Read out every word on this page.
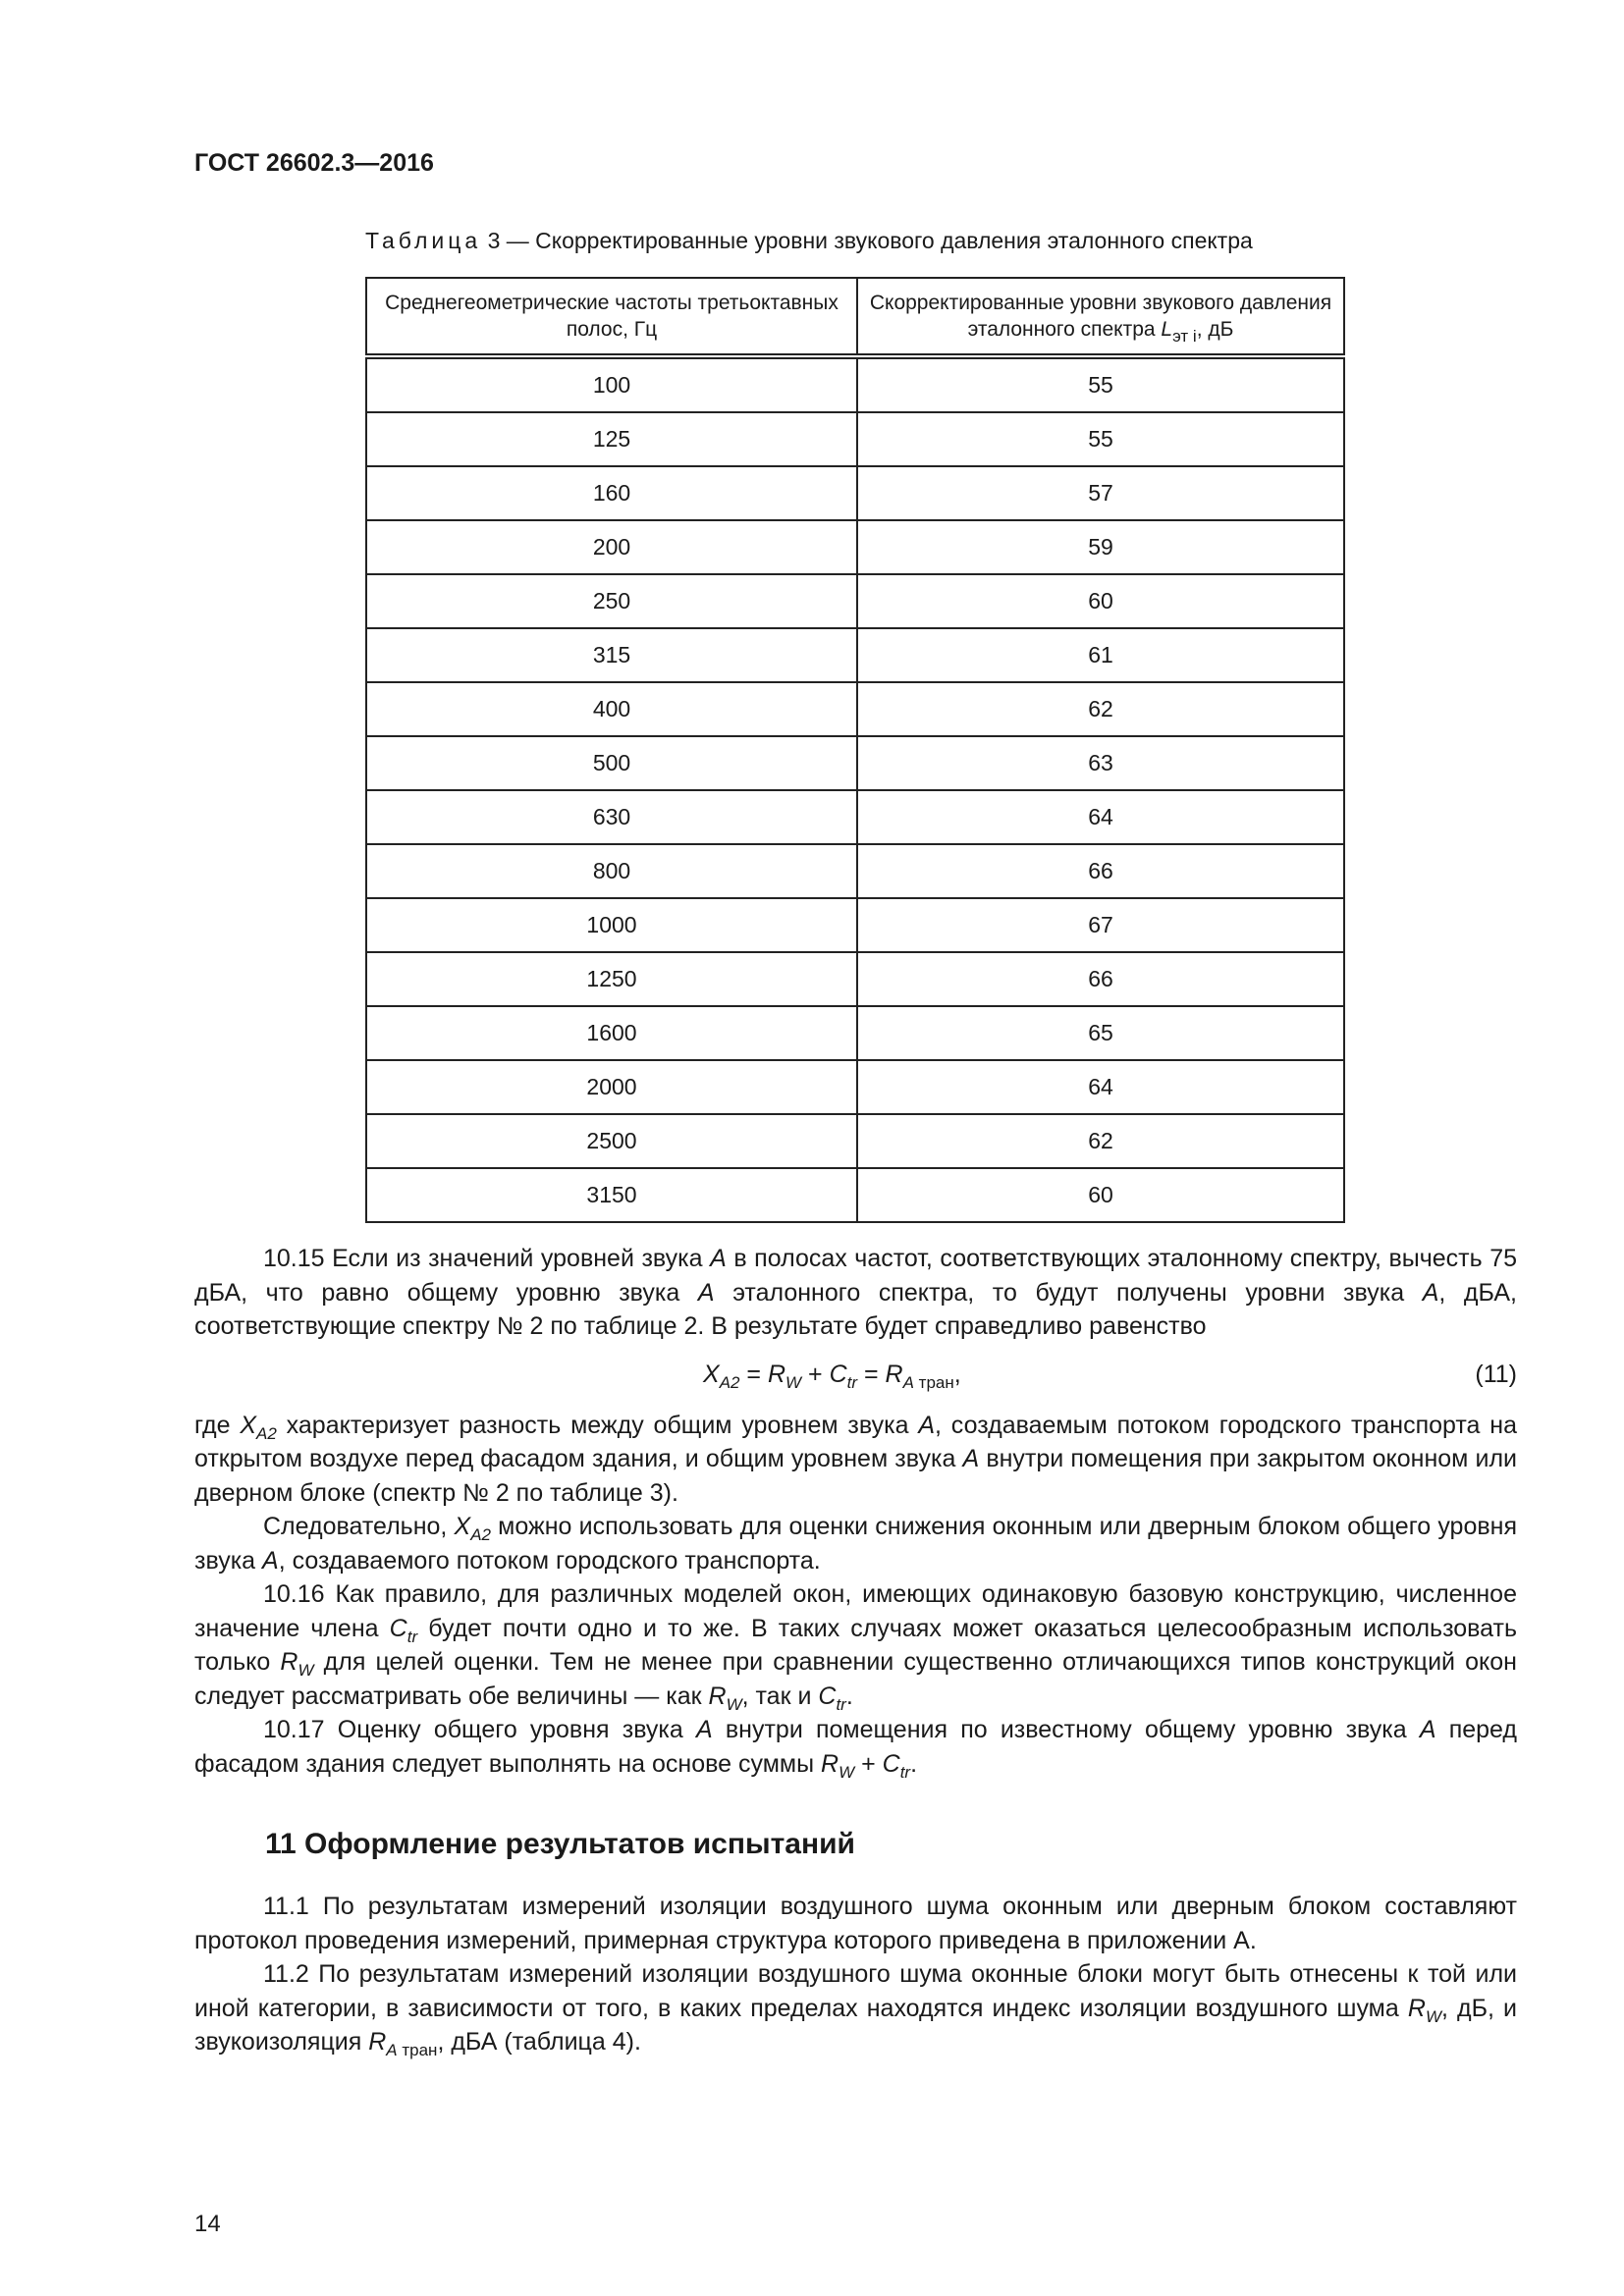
ГОСТ 26602.3—2016
Таблица 3 — Скорректированные уровни звукового давления эталонного спектра
Среднегеометрические частоты третьоктавных полос, Гц	Скорректированные уровни звукового давления эталонного спектра $L_{эт i}$, дБ
100	55
125	55
160	57
200	59
250	60
315	61
400	62
500	63
630	64
800	66
1000	67
1250	66
1600	65
2000	64
2500	62
3150	60

10.15 Если из значений уровней звука A в полосах частот, соответствующих эталонному спектру, вычесть 75 дБА, что равно общему уровню звука A эталонного спектра, то будут получены уровни звука A, дБА, соответствующие спектру № 2 по таблице 2. В результате будет справедливо равенство

$X_{A2} = R_W + C_{tr} = R_{A тран}$,	(11)

где $X_{A2}$ характеризует разность между общим уровнем звука A, создаваемым потоком городского транспорта на открытом воздухе перед фасадом здания, и общим уровнем звука A внутри помещения при закрытом оконном или дверном блоке (спектр № 2 по таблице 3).

Следовательно, $X_{A2}$ можно использовать для оценки снижения оконным или дверным блоком общего уровня звука A, создаваемого потоком городского транспорта.

10.16 Как правило, для различных моделей окон, имеющих одинаковую базовую конструкцию, численное значение члена $C_{tr}$ будет почти одно и то же. В таких случаях может оказаться целесообразным использовать только $R_W$ для целей оценки. Тем не менее при сравнении существенно отличающихся типов конструкций окон следует рассматривать обе величины — как $R_W$, так и $C_{tr}$.

10.17 Оценку общего уровня звука A внутри помещения по известному общему уровню звука A перед фасадом здания следует выполнять на основе суммы $R_W + C_{tr}$.

11 Оформление результатов испытаний

11.1 По результатам измерений изоляции воздушного шума оконным или дверным блоком составляют протокол проведения измерений, примерная структура которого приведена в приложении А.

11.2 По результатам измерений изоляции воздушного шума оконные блоки могут быть отнесены к той или иной категории, в зависимости от того, в каких пределах находятся индекс изоляции воздушного шума $R_W$, дБ, и звукоизоляция $R_{A тран}$, дБА (таблица 4).

14
